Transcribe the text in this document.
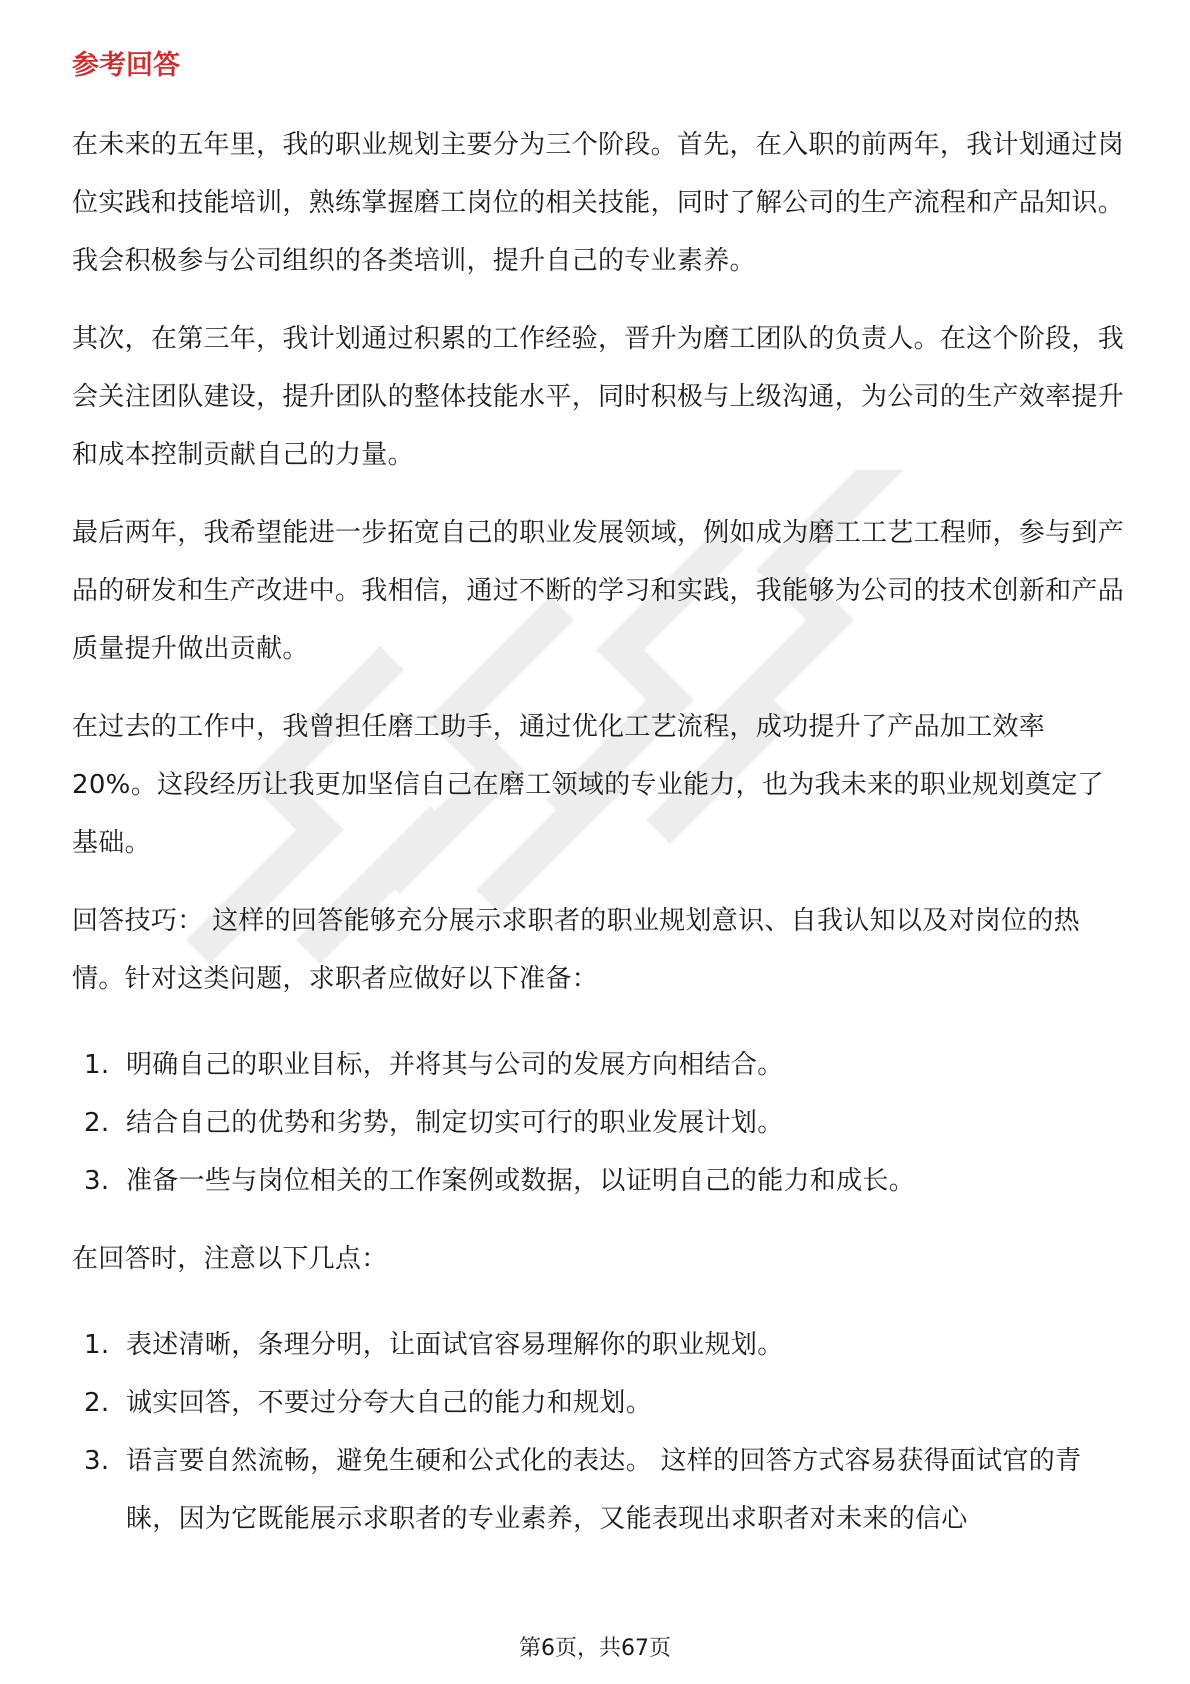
参考回答

在未来的五年里，我的职业规划主要分为三个阶段。首先，在入职的前两年，我计划通过岗位实践和技能培训，熟练掌握磨工岗位的相关技能，同时了解公司的生产流程和产品知识。我会积极参与公司组织的各类培训，提升自己的专业素养。

其次，在第三年，我计划通过积累的工作经验，晋升为磨工团队的负责人。在这个阶段，我会关注团队建设，提升团队的整体技能水平，同时积极与上级沟通，为公司的生产效率提升和成本控制贡献自己的力量。

最后两年，我希望能进一步拓宽自己的职业发展领域，例如成为磨工工艺工程师，参与到产品的研发和生产改进中。我相信，通过不断的学习和实践，我能够为公司的技术创新和产品质量提升做出贡献。

在过去的工作中，我曾担任磨工助手，通过优化工艺流程，成功提升了产品加工效率20%。这段经历让我更加坚信自己在磨工领域的专业能力，也为我未来的职业规划奠定了基础。

回答技巧： 这样的回答能够充分展示求职者的职业规划意识、自我认知以及对岗位的热情。针对这类问题，求职者应做好以下准备：

1. 明确自己的职业目标，并将其与公司的发展方向相结合。
2. 结合自己的优势和劣势，制定切实可行的职业发展计划。
3. 准备一些与岗位相关的工作案例或数据，以证明自己的能力和成长。

在回答时，注意以下几点：

1. 表述清晰，条理分明，让面试官容易理解你的职业规划。
2. 诚实回答，不要过分夸大自己的能力和规划。
3. 语言要自然流畅，避免生硬和公式化的表达。 这样的回答方式容易获得面试官的青睐，因为它既能展示求职者的专业素养，又能表现出求职者对未来的信心
第6页，共67页
